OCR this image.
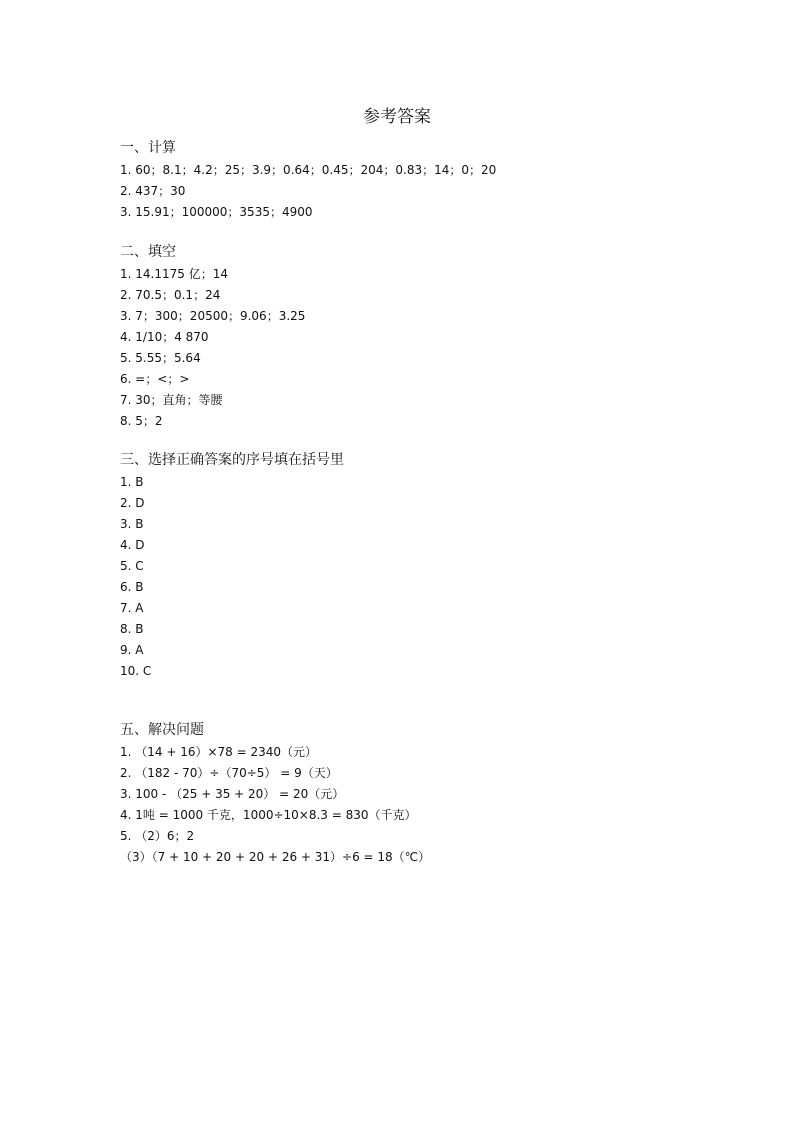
参考答案
一、计算
1. 60；8.1；4.2；25；3.9；0.64；0.45；204；0.83；14；0；20
2. 437；30
3. 15.91；100000；3535；4900
二、填空
1. 14.1175 亿；14
2. 70.5；0.1；24
3. 7；300；20500；9.06；3.25
4. 1/10；4 870
5. 5.55；5.64
6. =；<；>
7. 30；直角；等腰
8. 5；2
三、选择正确答案的序号填在括号里
1. B
2. D
3. B
4. D
5. C
6. B
7. A
8. B
9. A
10. C
五、解决问题
1. （14 + 16）×78 = 2340（元）
2. （182 - 70）÷（70÷5） = 9（天）
3. 100 - （25 + 35 + 20） = 20（元）
4. 1吨 = 1000 千克，1000÷10×8.3 = 830（千克）
5. （2）6；2
（3）（7 + 10 + 20 + 20 + 26 + 31）÷6 = 18（℃）
